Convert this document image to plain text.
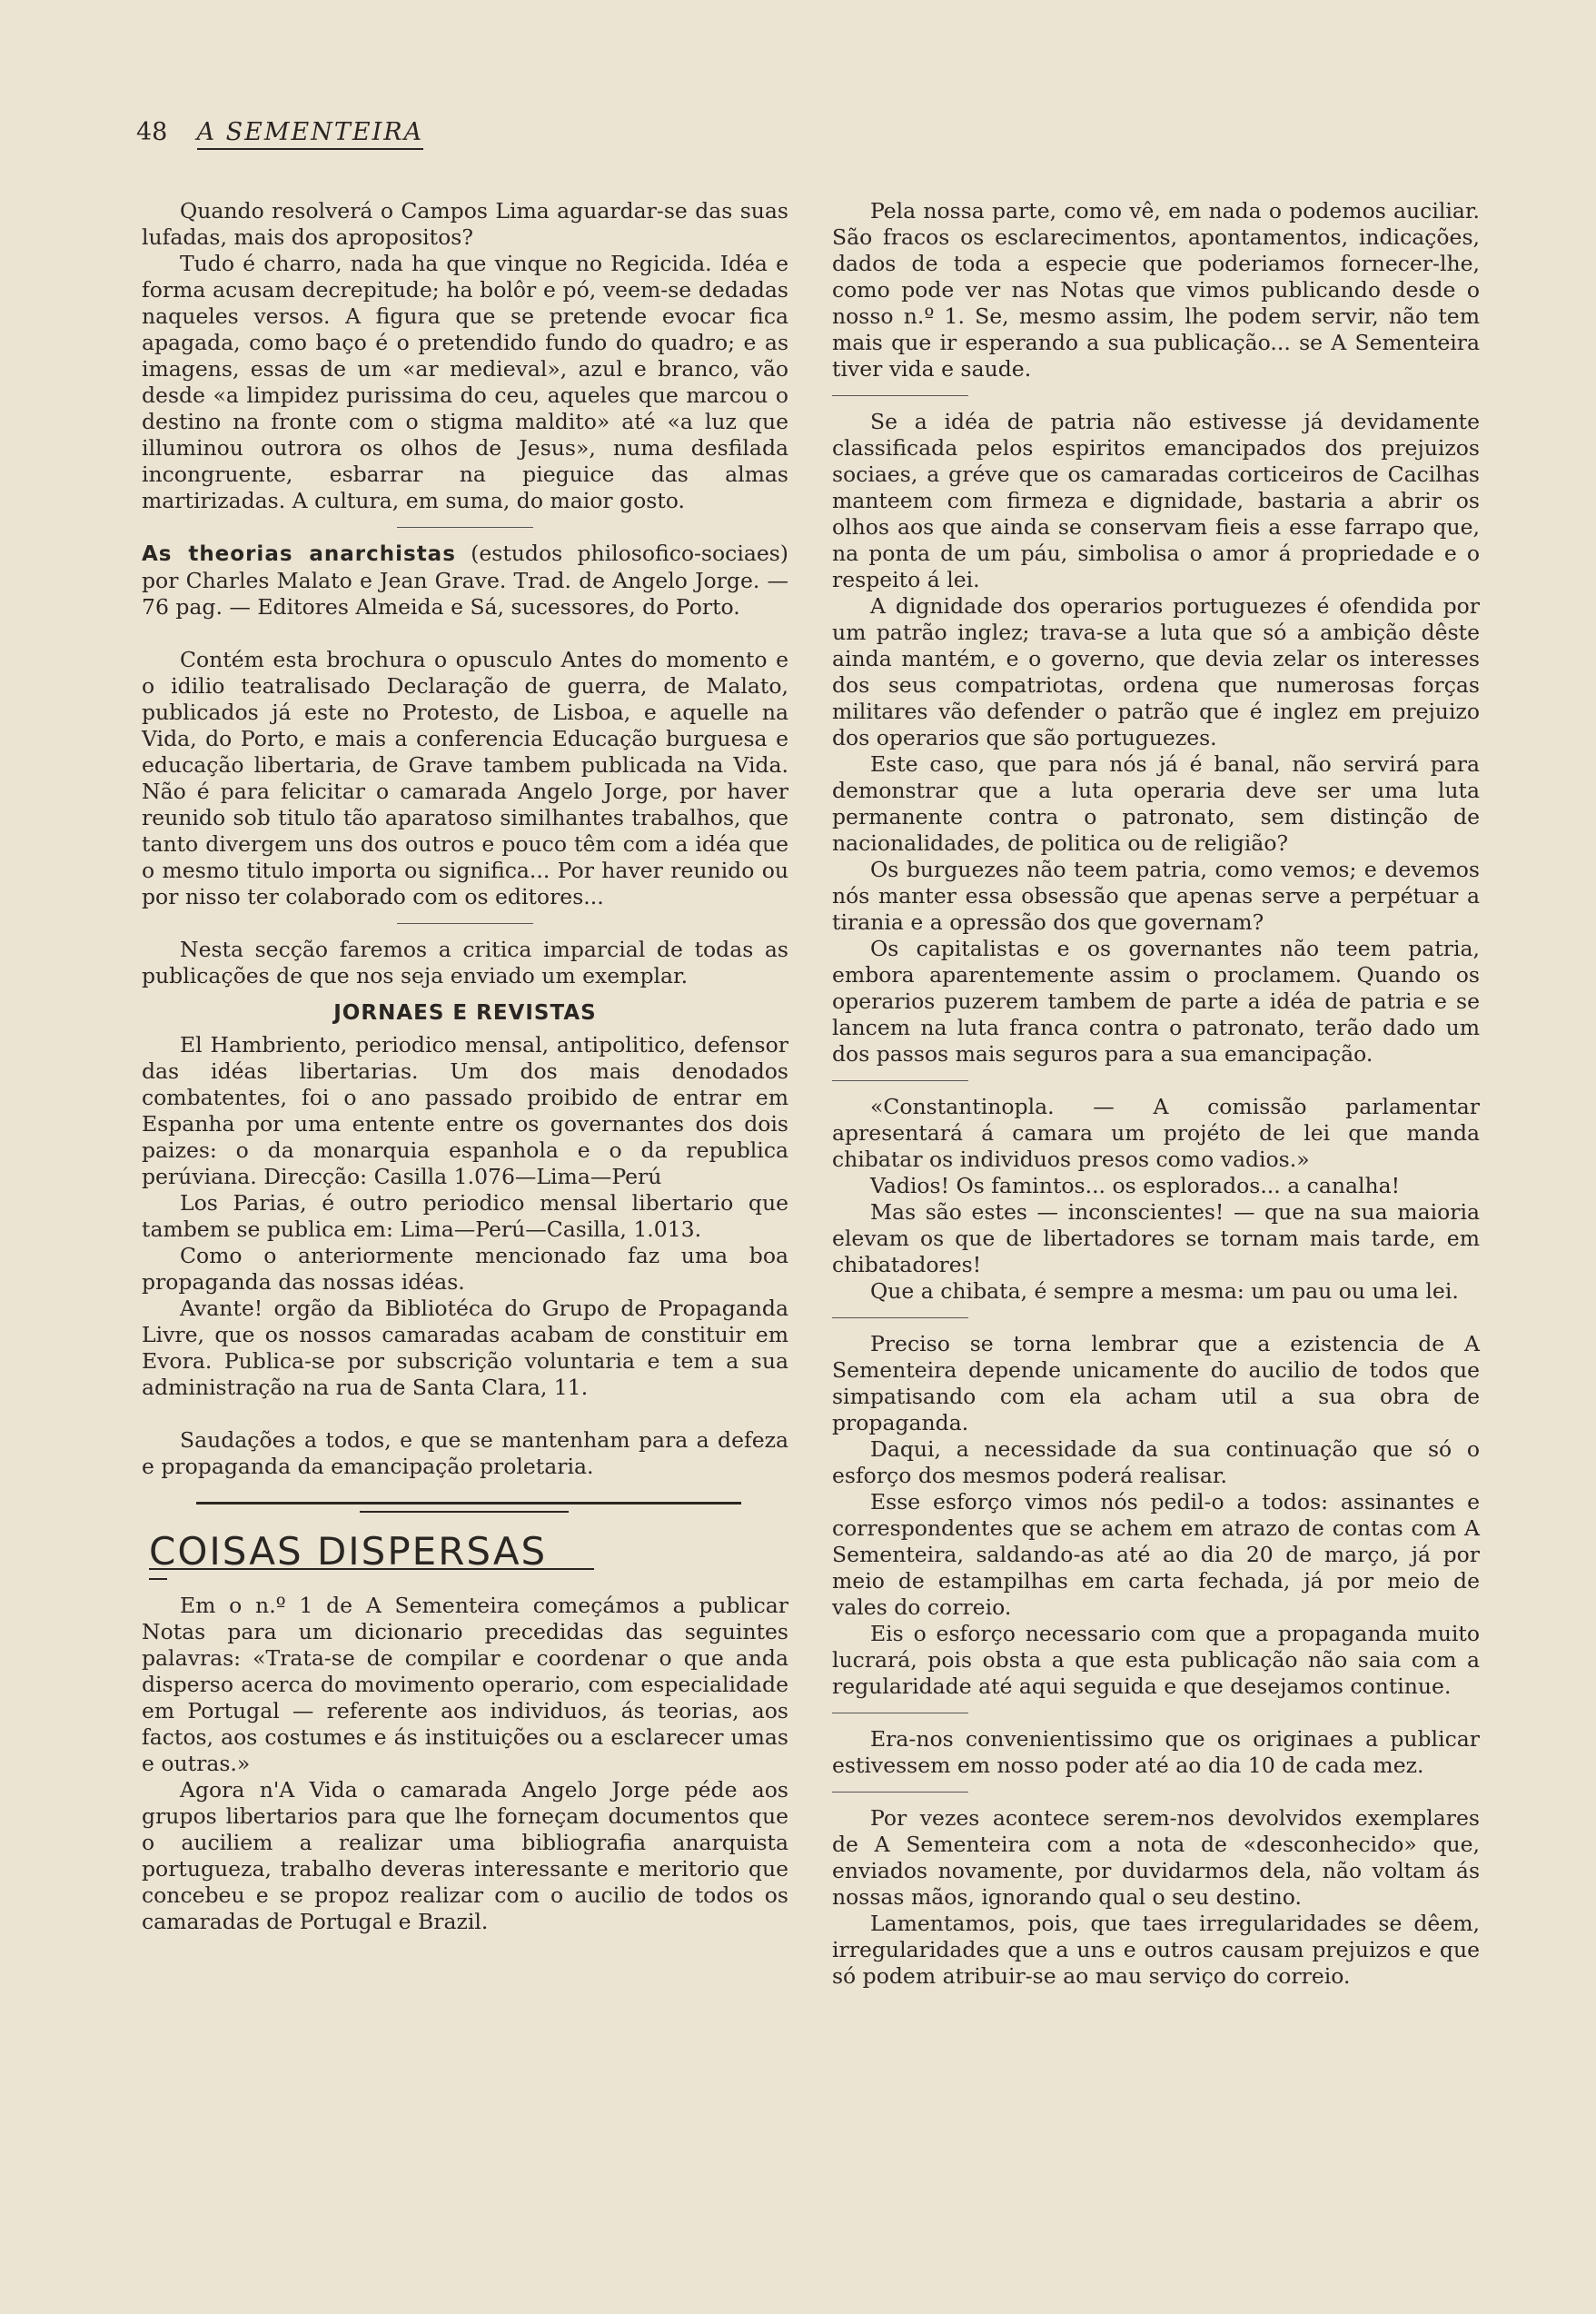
48 A SEMENTEIRA

Quando resolverá o Campos Lima aguardar-se das suas lufadas, mais dos apropositos?

Tudo é charro, nada ha que vinque no Regicida. Idéa e forma acusam decrepitude; ha bolôr e pó, veem-se dedadas naqueles versos. A figura que se pretende evocar fica apagada, como baço é o pretendido fundo do quadro; e as imagens, essas de um «ar medieval», azul e branco, vão desde «a limpidez purissima do ceu, aqueles que marcou o destino na fronte com o stigma maldito» até «a luz que illuminou outrora os olhos de Jesus», numa desfilada incongruente, esbarrar na pieguice das almas martirizadas. A cultura, em suma, do maior gosto.

As theorias anarchistas (estudos philosofico-sociaes) por Charles Malato e Jean Grave. Trad. de Angelo Jorge. — 76 pag. — Editores Almeida e Sá, sucessores, do Porto.

Contém esta brochura o opusculo Antes do momento e o idilio teatralisado Declaração de guerra, de Malato, publicados já este no Protesto, de Lisboa, e aquelle na Vida, do Porto, e mais a conferencia Educação burguesa e educação libertaria, de Grave tambem publicada na Vida. Não é para felicitar o camarada Angelo Jorge, por haver reunido sob titulo tão aparatoso similhantes trabalhos, que tanto divergem uns dos outros e pouco têm com a idéa que o mesmo titulo importa ou significa... Por haver reunido ou por nisso ter colaborado com os editores...

Nesta secção faremos a critica imparcial de todas as publicações de que nos seja enviado um exemplar.

JORNAES E REVISTAS

El Hambriento, periodico mensal, antipolitico, defensor das idéas libertarias. Um dos mais denodados combatentes, foi o ano passado proibido de entrar em Espanha por uma entente entre os governantes dos dois paizes: o da monarquia espanhola e o da republica perúviana. Direcção: Casilla 1.076—Lima—Perú

Los Parias, é outro periodico mensal libertario que tambem se publica em: Lima—Perú—Casilla, 1.013.

Como o anteriormente mencionado faz uma boa propaganda das nossas idéas.

Avante! orgão da Bibliotéca do Grupo de Propaganda Livre, que os nossos camaradas acabam de constituir em Evora. Publica-se por subscrição voluntaria e tem a sua administração na rua de Santa Clara, 11.

Saudações a todos, e que se mantenham para a defeza e propaganda da emancipação proletaria.

COISAS DISPERSAS

Em o n.º 1 de A Sementeira começámos a publicar Notas para um dicionario precedidas das seguintes palavras: «Trata-se de compilar e coordenar o que anda disperso acerca do movimento operario, com especialidade em Portugal — referente aos individuos, ás teorias, aos factos, aos costumes e ás instituições ou a esclarecer umas e outras.»

Agora n'A Vida o camarada Angelo Jorge péde aos grupos libertarios para que lhe forneçam documentos que o auciliem a realizar uma bibliografia anarquista portugueza, trabalho deveras interessante e meritorio que concebeu e se propoz realizar com o aucilio de todos os camaradas de Portugal e Brazil.

Pela nossa parte, como vê, em nada o podemos auciliar. São fracos os esclarecimentos, apontamentos, indicações, dados de toda a especie que poderiamos fornecer-lhe, como pode ver nas Notas que vimos publicando desde o nosso n.º 1. Se, mesmo assim, lhe podem servir, não tem mais que ir esperando a sua publicação... se A Sementeira tiver vida e saude.

Se a idéa de patria não estivesse já devidamente classificada pelos espiritos emancipados dos prejuizos sociaes, a gréve que os camaradas corticeiros de Cacilhas manteem com firmeza e dignidade, bastaria a abrir os olhos aos que ainda se conservam fieis a esse farrapo que, na ponta de um páu, simbolisa o amor á propriedade e o respeito á lei.

A dignidade dos operarios portuguezes é ofendida por um patrão inglez; trava-se a luta que só a ambição dêste ainda mantém, e o governo, que devia zelar os interesses dos seus compatriotas, ordena que numerosas forças militares vão defender o patrão que é inglez em prejuizo dos operarios que são portuguezes.

Este caso, que para nós já é banal, não servirá para demonstrar que a luta operaria deve ser uma luta permanente contra o patronato, sem distinção de nacionalidades, de politica ou de religião?

Os burguezes não teem patria, como vemos; e devemos nós manter essa obsessão que apenas serve a perpétuar a tirania e a opressão dos que governam?

Os capitalistas e os governantes não teem patria, embora aparentemente assim o proclamem. Quando os operarios puzerem tambem de parte a idéa de patria e se lancem na luta franca contra o patronato, terão dado um dos passos mais seguros para a sua emancipação.

«Constantinopla. — A comissão parlamentar apresentará á camara um projéto de lei que manda chibatar os individuos presos como vadios.»

Vadios! Os famintos... os esplorados... a canalha!

Mas são estes — inconscientes! — que na sua maioria elevam os que de libertadores se tornam mais tarde, em chibatadores!

Que a chibata, é sempre a mesma: um pau ou uma lei.

Preciso se torna lembrar que a ezistencia de A Sementeira depende unicamente do aucilio de todos que simpatisando com ela acham util a sua obra de propaganda.

Daqui, a necessidade da sua continuação que só o esforço dos mesmos poderá realisar.

Esse esforço vimos nós pedil-o a todos: assinantes e correspondentes que se achem em atrazo de contas com A Sementeira, saldando-as até ao dia 20 de março, já por meio de estampilhas em carta fechada, já por meio de vales do correio.

Eis o esforço necessario com que a propaganda muito lucrará, pois obsta a que esta publicação não saia com a regularidade até aqui seguida e que desejamos continue.

Era-nos convenientissimo que os originaes a publicar estivessem em nosso poder até ao dia 10 de cada mez.

Por vezes acontece serem-nos devolvidos exemplares de A Sementeira com a nota de «desconhecido» que, enviados novamente, por duvidarmos dela, não voltam ás nossas mãos, ignorando qual o seu destino.

Lamentamos, pois, que taes irregularidades se dêem, irregularidades que a uns e outros causam prejuizos e que só podem atribuir-se ao mau serviço do correio.
